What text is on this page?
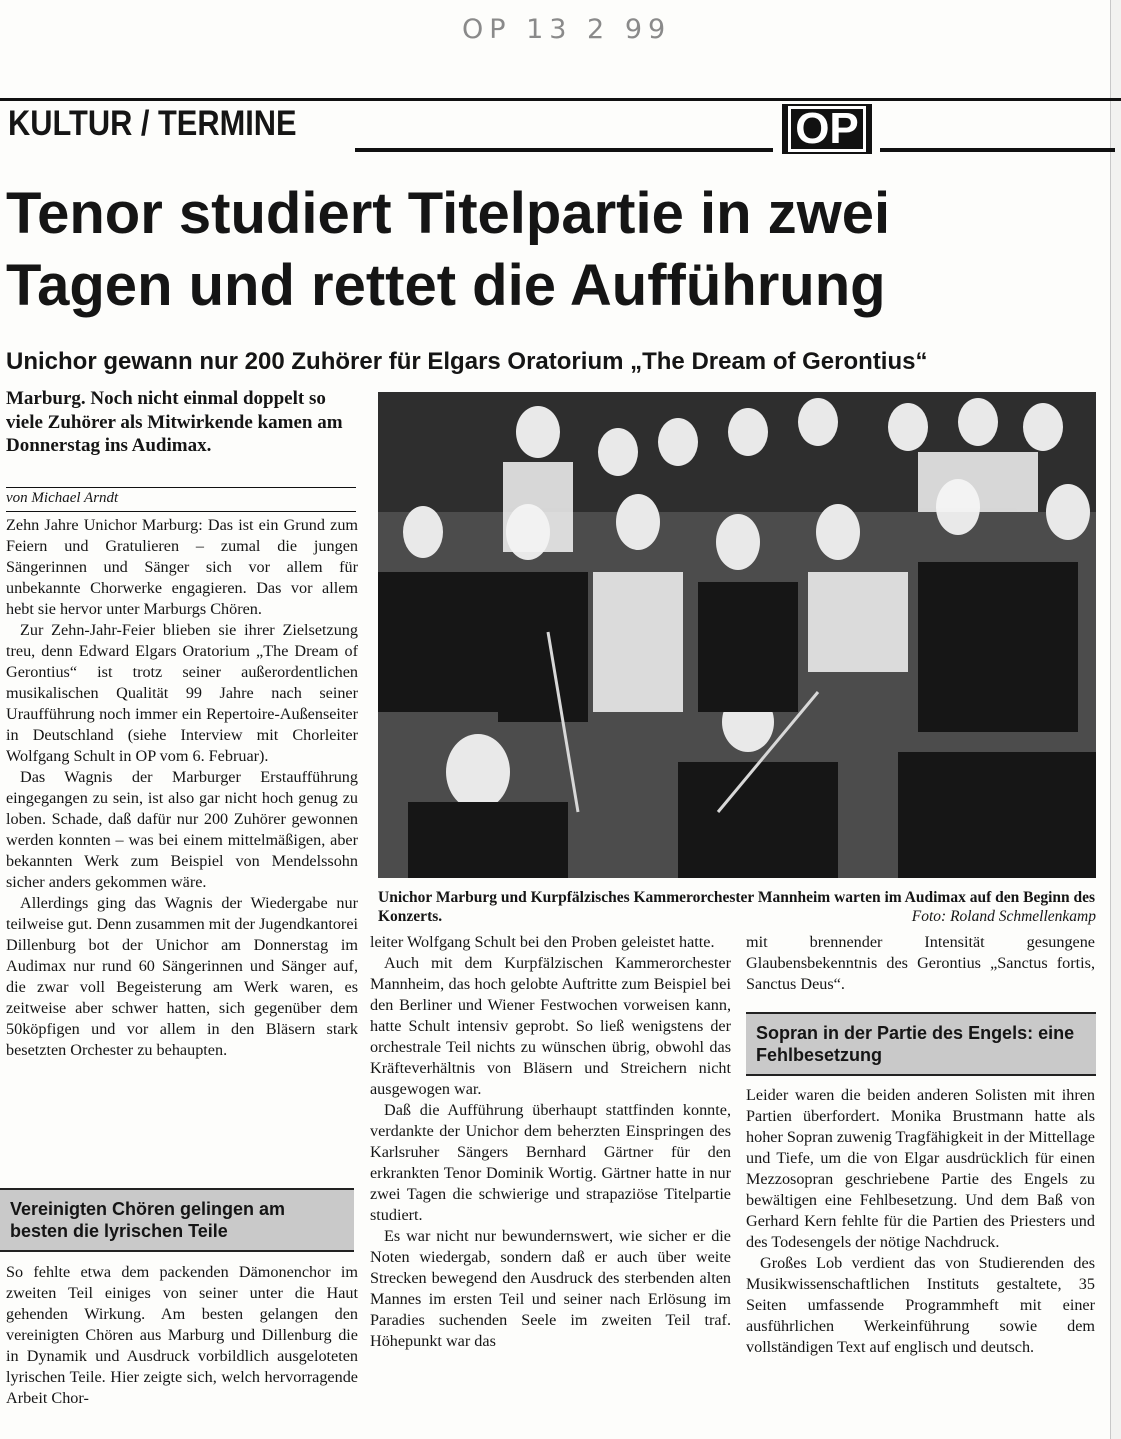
OP 13 2 99
KULTUR / TERMINE	OP
Tenor studiert Titelpartie in zwei
Tagen und rettet die Aufführung
Unichor gewann nur 200 Zuhörer für Elgars Oratorium „The Dream of Gerontius“
Marburg. Noch nicht einmal doppelt so viele Zuhörer als Mitwirkende kamen am Donnerstag ins Audimax.
von Michael Arndt

Zehn Jahre Unichor Marburg: Das ist ein Grund zum Feiern und Gratulieren – zumal die jungen Sängerinnen und Sänger sich vor allem für unbekannte Chorwerke engagieren. Das vor allem hebt sie hervor unter Marburgs Chören.

Zur Zehn-Jahr-Feier blieben sie ihrer Zielsetzung treu, denn Edward Elgars Oratorium „The Dream of Gerontius“ ist trotz seiner außerordentlichen musikalischen Qualität 99 Jahre nach seiner Uraufführung noch immer ein Repertoire-Außenseiter in Deutschland (siehe Interview mit Chorleiter Wolfgang Schult in OP vom 6. Februar).

Das Wagnis der Marburger Erstaufführung eingegangen zu sein, ist also gar nicht hoch genug zu loben. Schade, daß dafür nur 200 Zuhörer gewonnen werden konnten – was bei einem mittelmäßigen, aber bekannten Werk zum Beispiel von Mendelssohn sicher anders gekommen wäre.

Allerdings ging das Wagnis der Wiedergabe nur teilweise gut. Denn zusammen mit der Jugendkantorei Dillenburg bot der Unichor am Donnerstag im Audimax nur rund 60 Sängerinnen und Sänger auf, die zwar voll Begeisterung am Werk waren, es zeitweise aber schwer hatten, sich gegenüber dem 50köpfigen und vor allem in den Bläsern stark besetzten Orchester zu behaupten.

Vereinigten Chören gelingen am besten die lyrischen Teile

So fehlte etwa dem packenden Dämonenchor im zweiten Teil einiges von seiner unter die Haut gehenden Wirkung. Am besten gelangen den vereinigten Chören aus Marburg und Dillenburg die in Dynamik und Ausdruck vorbildlich ausgeloteten lyrischen Teile. Hier zeigte sich, welch hervorragende Arbeit Chor-

Unichor Marburg und Kurpfälzisches Kammerorchester Mannheim warten im Audimax auf den Beginn des Konzerts.	Foto: Roland Schmellenkamp

leiter Wolfgang Schult bei den Proben geleistet hatte.

Auch mit dem Kurpfälzischen Kammerorchester Mannheim, das hoch gelobte Auftritte zum Beispiel bei den Berliner und Wiener Festwochen vorweisen kann, hatte Schult intensiv geprobt. So ließ wenigstens der orchestrale Teil nichts zu wünschen übrig, obwohl das Kräfteverhältnis von Bläsern und Streichern nicht ausgewogen war.

Daß die Aufführung überhaupt stattfinden konnte, verdankte der Unichor dem beherzten Einspringen des Karlsruher Sängers Bernhard Gärtner für den erkrankten Tenor Dominik Wortig. Gärtner hatte in nur zwei Tagen die schwierige und strapaziöse Titelpartie studiert.

Es war nicht nur bewundernswert, wie sicher er die Noten wiedergab, sondern daß er auch über weite Strecken bewegend den Ausdruck des sterbenden alten Mannes im ersten Teil und seiner nach Erlösung im Paradies suchenden Seele im zweiten Teil traf. Höhepunkt war das

mit brennender Intensität gesungene Glaubensbekenntnis des Gerontius „Sanctus fortis, Sanctus Deus“.

Sopran in der Partie des Engels: eine Fehlbesetzung

Leider waren die beiden anderen Solisten mit ihren Partien überfordert. Monika Brustmann hatte als hoher Sopran zuwenig Tragfähigkeit in der Mittellage und Tiefe, um die von Elgar ausdrücklich für einen Mezzosopran geschriebene Partie des Engels zu bewältigen eine Fehlbesetzung. Und dem Baß von Gerhard Kern fehlte für die Partien des Priesters und des Todesengels der nötige Nachdruck.

Großes Lob verdient das von Studierenden des Musikwissenschaftlichen Instituts gestaltete, 35 Seiten umfassende Programmheft mit einer ausführlichen Werkeinführung sowie dem vollständigen Text auf englisch und deutsch.
